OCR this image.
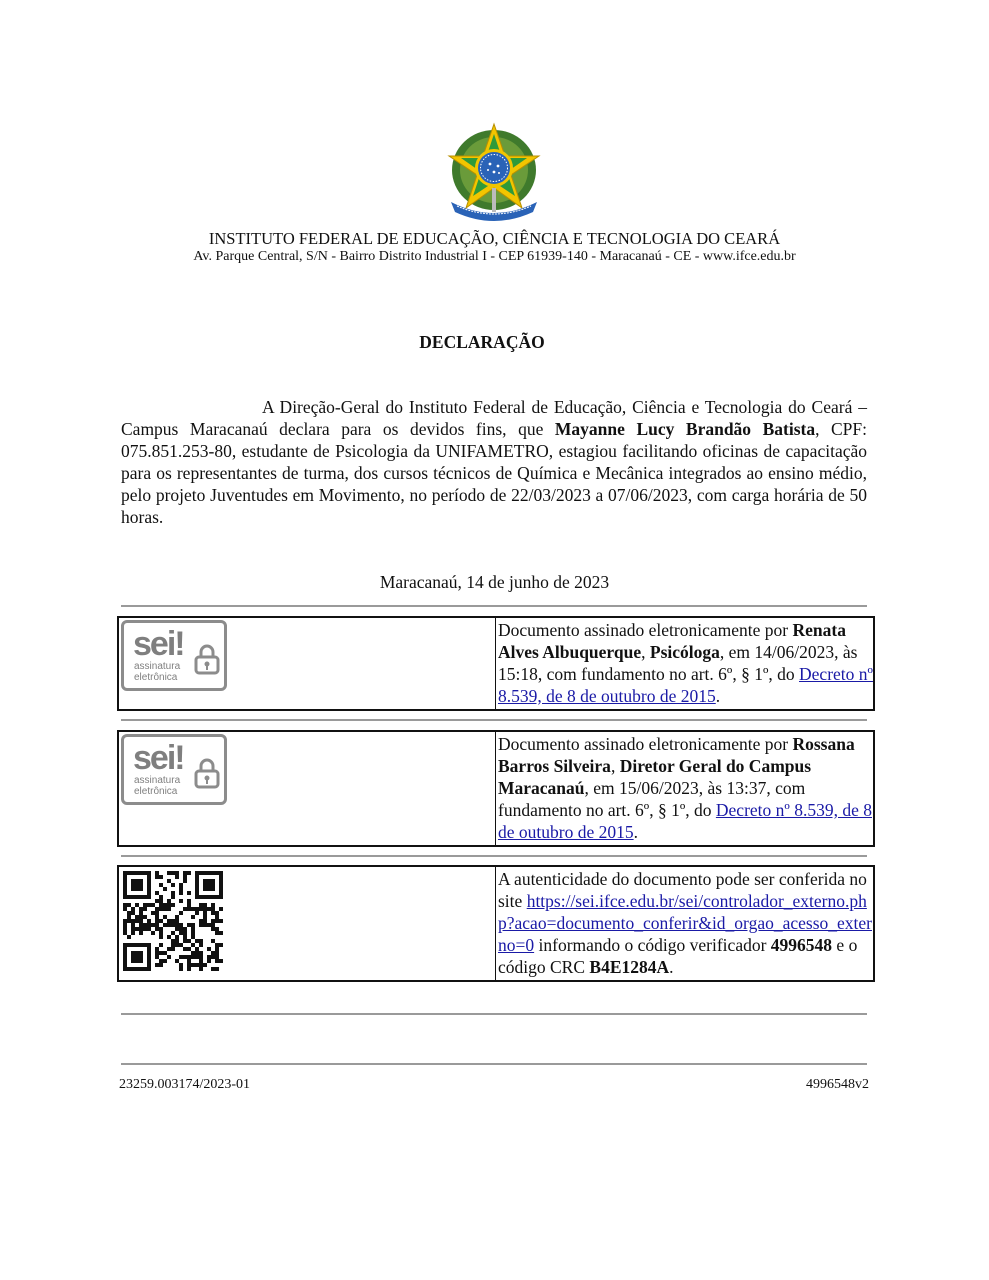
INSTITUTO FEDERAL DE EDUCAÇÃO, CIÊNCIA E TECNOLOGIA DO CEARÁ
Av. Parque Central, S/N - Bairro Distrito Industrial I - CEP 61939-140 - Maracanaú - CE - www.ifce.edu.br
DECLARAÇÃO
A Direção-Geral do Instituto Federal de Educação, Ciência e Tecnologia do Ceará – Campus Maracanaú declara para os devidos fins, que Mayanne Lucy Brandão Batista, CPF: 075.851.253-80, estudante de Psicologia da UNIFAMETRO, estagiou facilitando oficinas de capacitação para os representantes de turma, dos cursos técnicos de Química e Mecânica integrados ao ensino médio, pelo projeto Juventudes em Movimento, no período de 22/03/2023 a 07/06/2023, com carga horária de 50 horas.
Maracanaú, 14 de junho de 2023
sei!
assinatura
eletrônica
Documento assinado eletronicamente por Renata Alves Albuquerque, Psicóloga, em 14/06/2023, às 15:18, com fundamento no art. 6º, § 1º, do Decreto nº 8.539, de 8 de outubro de 2015.
sei!
assinatura
eletrônica
Documento assinado eletronicamente por Rossana Barros Silveira, Diretor Geral do Campus Maracanaú, em 15/06/2023, às 13:37, com fundamento no art. 6º, § 1º, do Decreto nº 8.539, de 8 de outubro de 2015.
A autenticidade do documento pode ser conferida no site https://sei.ifce.edu.br/sei/controlador_externo.php?acao=documento_conferir&id_orgao_acesso_externo=0 informando o código verificador 4996548 e o código CRC B4E1284A.
23259.003174/2023-01	4996548v2
